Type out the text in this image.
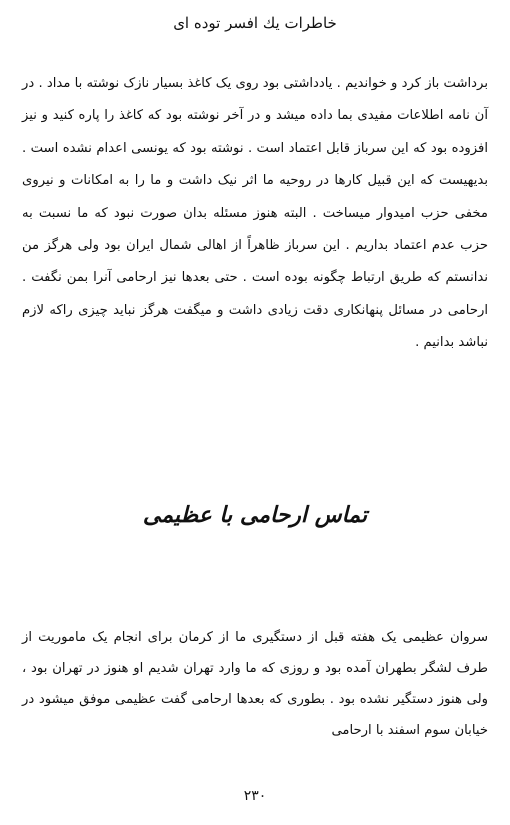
خاطرات يك افسر توده ای

برداشت باز کرد و خواندیم . یادداشتی بود روی یک کاغذ بسیار نازک نوشته با مداد . در آن نامه اطلاعات مفیدی بما داده میشد و در آخر نوشته بود که کاغذ را پاره کنید و نیز افزوده بود که این سرباز قابل اعتماد است . نوشته بود که یونسی اعدام نشده است . بدیهیست که این قبیل کارها در روحیه ما اثر نیک داشت و ما را به امکانات و نیروی مخفی حزب امیدوار میساخت . البته هنوز مسئله بدان صورت نبود که ما نسبت به حزب عدم اعتماد بداریم . این سرباز ظاهراً از اهالی شمال ایران بود ولی هرگز من ندانستم که طریق ارتباط چگونه بوده است . حتی بعدها نیز ارحامی آنرا بمن نگفت . ارحامی در مسائل پنهانکاری دقت زیادی داشت و میگفت هرگز نباید چیزی راکه لازم نباشد بدانیم .

تماس ارحامی با عظیمی

سروان عظیمی یک هفته قبل از دستگیری ما از کرمان برای انجام یک ماموریت از طرف لشگر بطهران آمده بود و روزی که ما وارد تهران شدیم او هنوز در تهران بود ، ولی هنوز دستگیر نشده بود . بطوری که بعدها ارحامی گفت عظیمی موفق میشود در خیابان سوم اسفند با ارحامی

۲۳۰
